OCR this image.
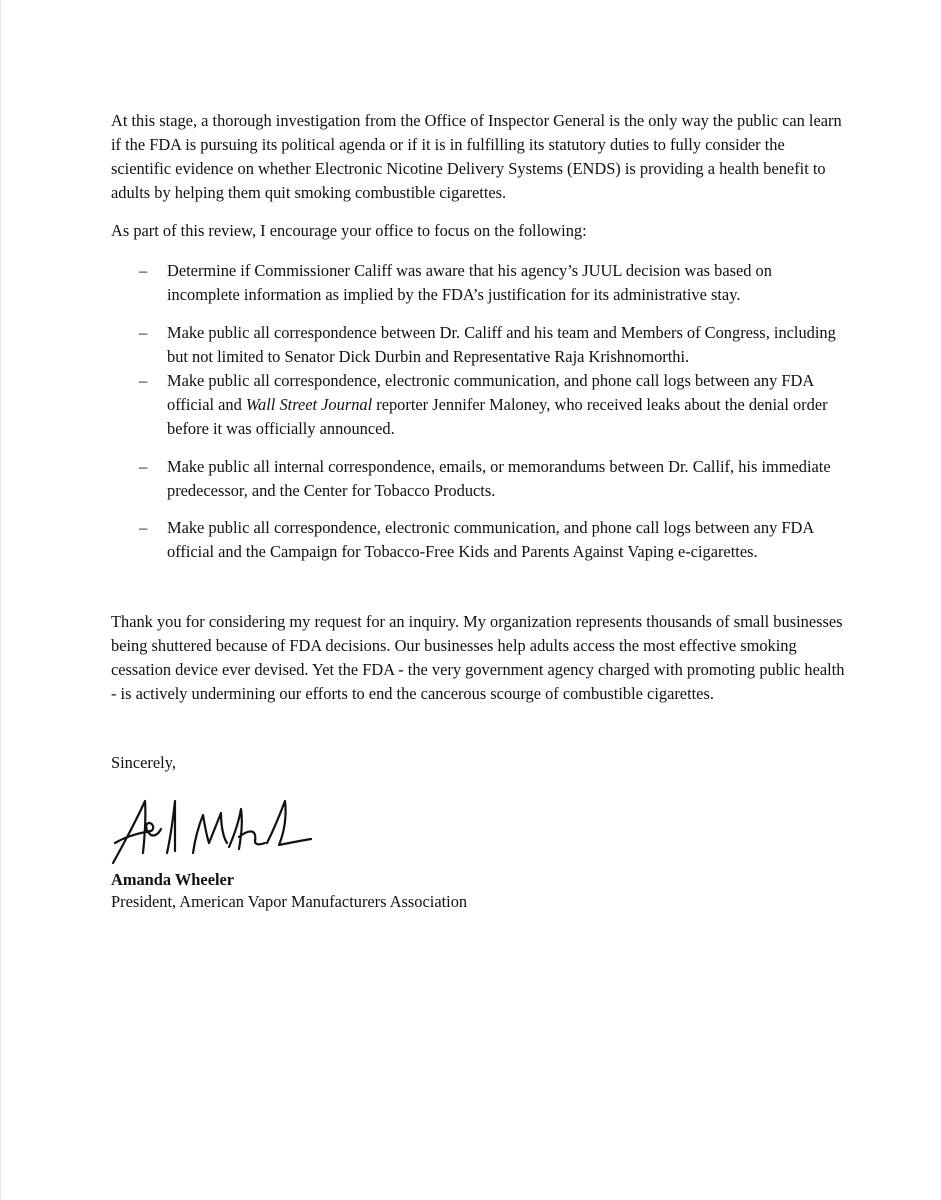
At this stage, a thorough investigation from the Office of Inspector General is the only way the public can learn if the FDA is pursuing its political agenda or if it is in fulfilling its statutory duties to fully consider the scientific evidence on whether Electronic Nicotine Delivery Systems (ENDS) is providing a health benefit to adults by helping them quit smoking combustible cigarettes.

As part of this review, I encourage your office to focus on the following:

– Determine if Commissioner Califf was aware that his agency’s JUUL decision was based on incomplete information as implied by the FDA’s justification for its administrative stay.
– Make public all correspondence between Dr. Califf and his team and Members of Congress, including but not limited to Senator Dick Durbin and Representative Raja Krishnomorthi.
– Make public all correspondence, electronic communication, and phone call logs between any FDA official and Wall Street Journal reporter Jennifer Maloney, who received leaks about the denial order before it was officially announced.
– Make public all internal correspondence, emails, or memorandums between Dr. Callif, his immediate predecessor, and the Center for Tobacco Products.
– Make public all correspondence, electronic communication, and phone call logs between any FDA official and the Campaign for Tobacco-Free Kids and Parents Against Vaping e-cigarettes.

Thank you for considering my request for an inquiry. My organization represents thousands of small businesses being shuttered because of FDA decisions. Our businesses help adults access the most effective smoking cessation device ever devised. Yet the FDA - the very government agency charged with promoting public health - is actively undermining our efforts to end the cancerous scourge of combustible cigarettes.

Sincerely,

Amanda Wheeler
President, American Vapor Manufacturers Association
